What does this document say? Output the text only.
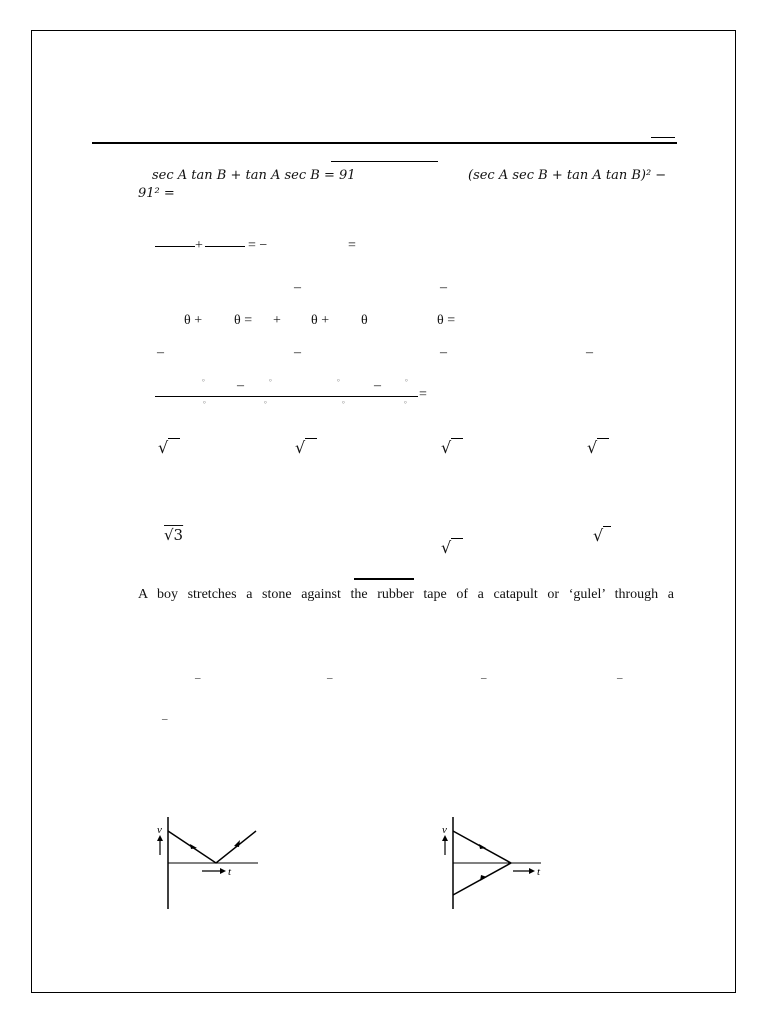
sec A tan B + tan A sec B = 91	(sec A sec B + tan A tan B)² −
91² =
+	= −	=
–	–
θ + θ = + θ + θ	θ =
–	–	–	–
° –	°	° –	°
=
°	°	°	°
√	√	√	√
√3
√
√
A boy stretches a stone against the rubber tape of a catapult or ‘gulel’ through a
–	–	–	–
–
v
t
v
t
